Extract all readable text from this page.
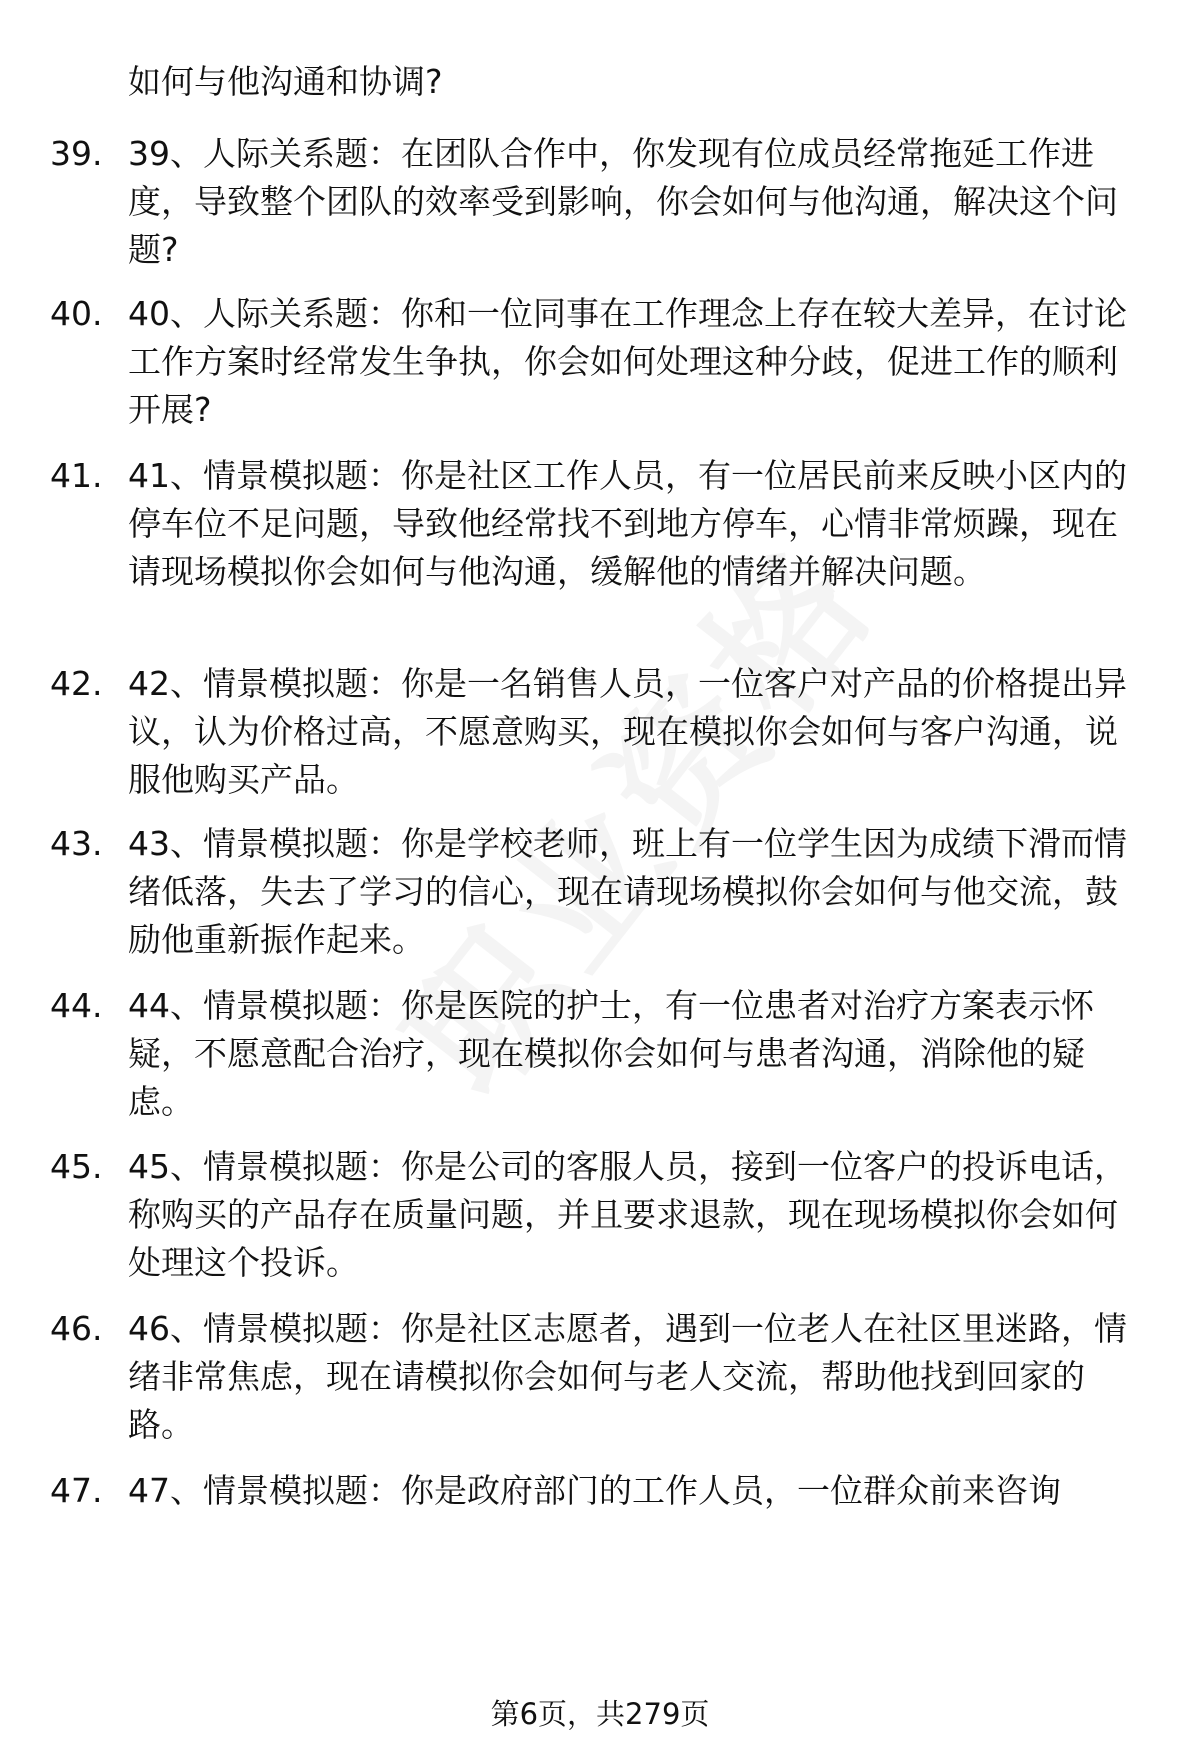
如何与他沟通和协调?
39. 39、人际关系题：在团队合作中，你发现有位成员经常拖延工作进度，导致整个团队的效率受到影响，你会如何与他沟通，解决这个问题?
40. 40、人际关系题：你和一位同事在工作理念上存在较大差异，在讨论工作方案时经常发生争执，你会如何处理这种分歧，促进工作的顺利开展?
41. 41、情景模拟题：你是社区工作人员，有一位居民前来反映小区内的停车位不足问题，导致他经常找不到地方停车，心情非常烦躁，现在请现场模拟你会如何与他沟通，缓解他的情绪并解决问题。
42. 42、情景模拟题：你是一名销售人员，一位客户对产品的价格提出异议，认为价格过高，不愿意购买，现在模拟你会如何与客户沟通，说服他购买产品。
43. 43、情景模拟题：你是学校老师，班上有一位学生因为成绩下滑而情绪低落，失去了学习的信心，现在请现场模拟你会如何与他交流，鼓励他重新振作起来。
44. 44、情景模拟题：你是医院的护士，有一位患者对治疗方案表示怀疑，不愿意配合治疗，现在模拟你会如何与患者沟通，消除他的疑虑。
45. 45、情景模拟题：你是公司的客服人员，接到一位客户的投诉电话，称购买的产品存在质量问题，并且要求退款，现在现场模拟你会如何处理这个投诉。
46. 46、情景模拟题：你是社区志愿者，遇到一位老人在社区里迷路，情绪非常焦虑，现在请模拟你会如何与老人交流，帮助他找到回家的路。
47. 47、情景模拟题：你是政府部门的工作人员，一位群众前来咨询
第6页，共279页
